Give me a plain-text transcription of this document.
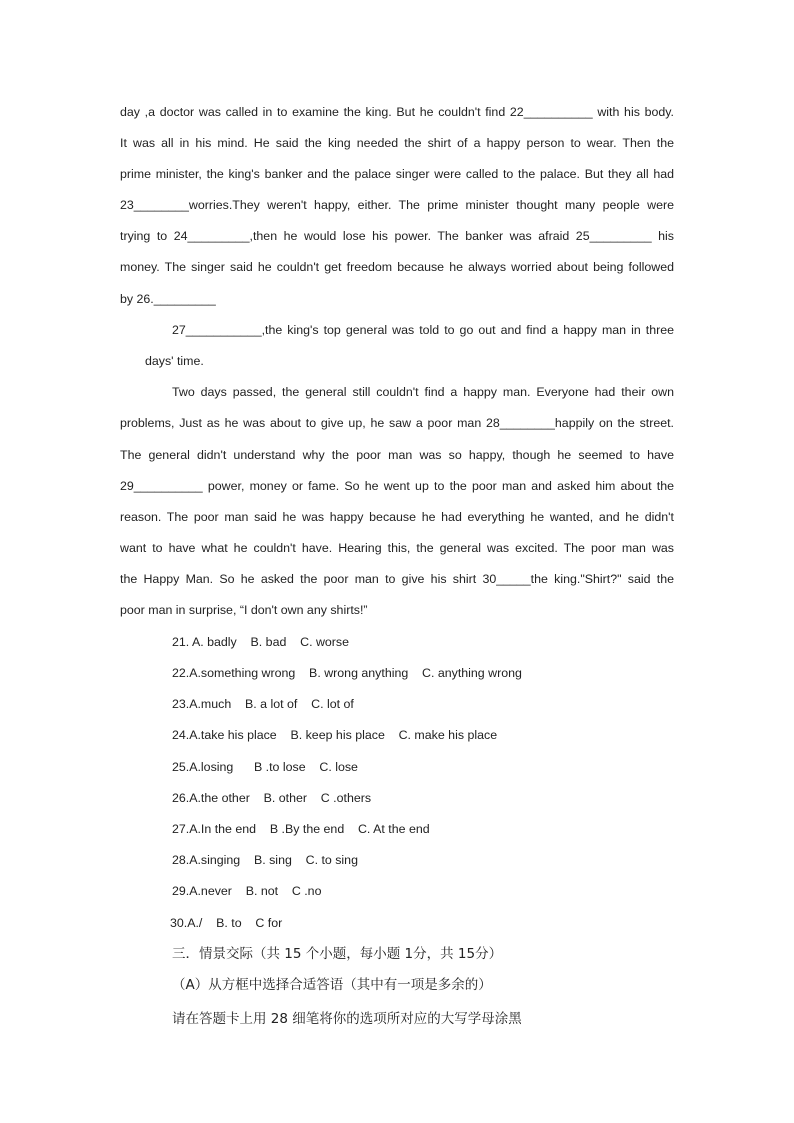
day ,a doctor was called in to examine the king. But he couldn't find 22__________ with his body.
It was all in his mind. He said the king needed the shirt of a happy person to wear. Then the
prime minister, the king's banker and the palace singer were called to the palace. But they all had
23________worries.They weren't happy, either. The prime minister thought many people were
trying to 24_________,then he would lose his power. The banker was afraid 25_________ his
money. The singer said he couldn't get freedom because he always worried about being followed
by 26._________
27___________,the king's top general was told to go out and find a happy man in three
days' time.
Two days passed, the general still couldn't find a happy man. Everyone had their own
problems, Just as he was about to give up, he saw a poor man 28________happily on the street.
The general didn't understand why the poor man was so happy, though he seemed to have
29__________ power, money or fame. So he went up to the poor man and asked him about the
reason. The poor man said he was happy because he had everything he wanted, and he didn't
want to have what he couldn't have. Hearing this, the general was excited. The poor man was
the Happy Man. So he asked the poor man to give his shirt 30_____the king."Shirt?" said the
poor man in surprise, “I don't own any shirts!”
21. A. badly    B. bad    C. worse
22.A.something wrong    B. wrong anything    C. anything wrong
23.A.much    B. a lot of    C. lot of
24.A.take his place    B. keep his place    C. make his place
25.A.losing      B .to lose    C. lose
26.A.the other    B. other    C .others
27.A.In the end    B .By the end    C. At the end
28.A.singing    B. sing    C. to sing
29.A.never    B. not    C .no
30.A./    B. to    C for
三．情景交际（共 15 个小题，每小题 1分，共 15分）
（A）从方框中选择合适答语（其中有一项是多余的）
请在答题卡上用 28 细笔将你的选项所对应的大写学母涂黑
